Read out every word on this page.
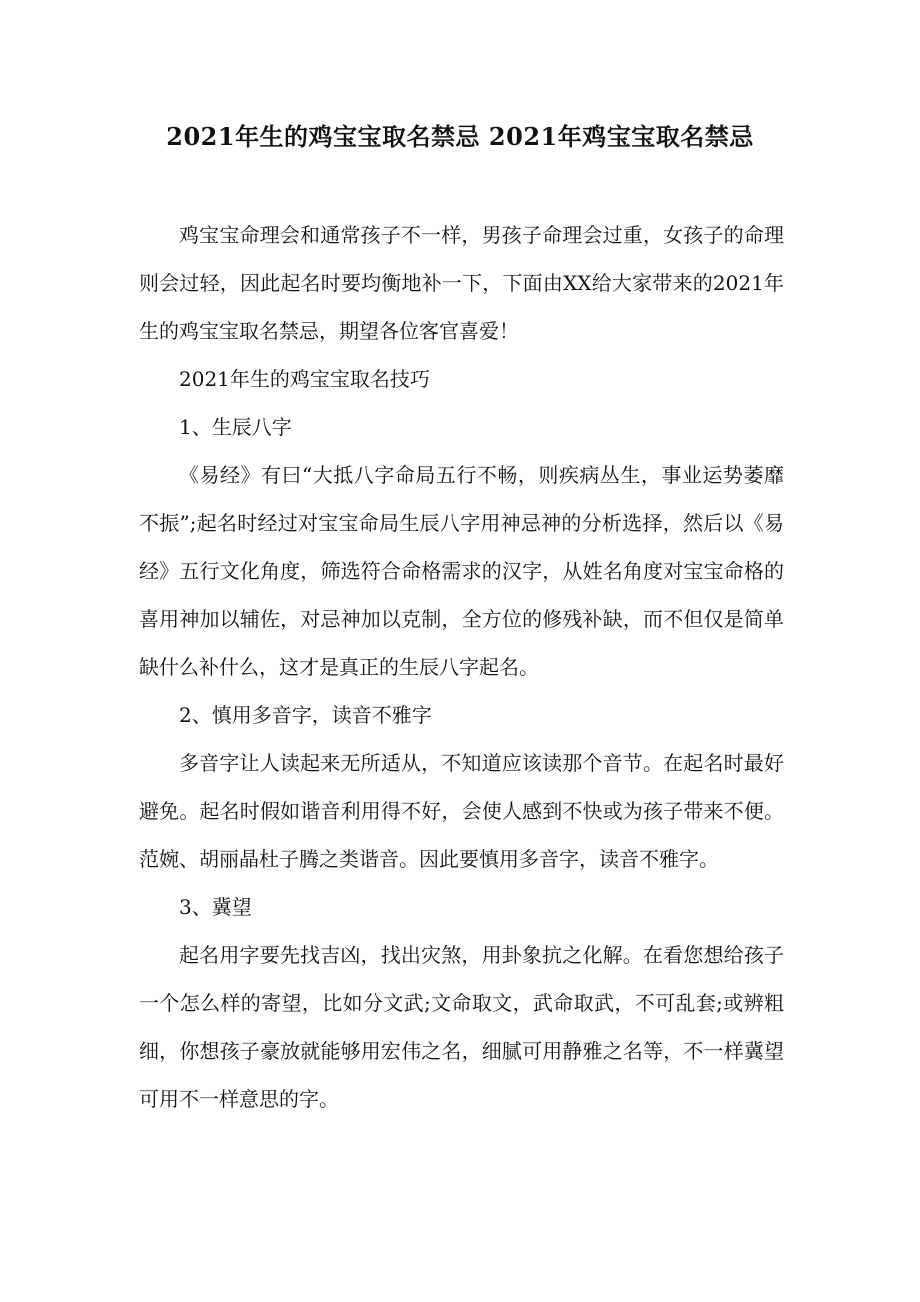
2021年生的鸡宝宝取名禁忌 2021年鸡宝宝取名禁忌

鸡宝宝命理会和通常孩子不一样，男孩子命理会过重，女孩子的命理则会过轻，因此起名时要均衡地补一下，下面由XX给大家带来的2021年生的鸡宝宝取名禁忌，期望各位客官喜爱！

2021年生的鸡宝宝取名技巧

1、生辰八字

《易经》有曰“大抵八字命局五行不畅，则疾病丛生，事业运势萎靡不振”;起名时经过对宝宝命局生辰八字用神忌神的分析选择，然后以《易经》五行文化角度，筛选符合命格需求的汉字，从姓名角度对宝宝命格的喜用神加以辅佐，对忌神加以克制，全方位的修残补缺，而不但仅是简单缺什么补什么，这才是真正的生辰八字起名。

2、慎用多音字，读音不雅字

多音字让人读起来无所适从，不知道应该读那个音节。在起名时最好避免。起名时假如谐音利用得不好，会使人感到不快或为孩子带来不便。范婉、胡丽晶杜子腾之类谐音。因此要慎用多音字，读音不雅字。

3、冀望

起名用字要先找吉凶，找出灾煞，用卦象抗之化解。在看您想给孩子一个怎么样的寄望，比如分文武;文命取文，武命取武，不可乱套;或辨粗细，你想孩子豪放就能够用宏伟之名，细腻可用静雅之名等，不一样冀望可用不一样意思的字。
